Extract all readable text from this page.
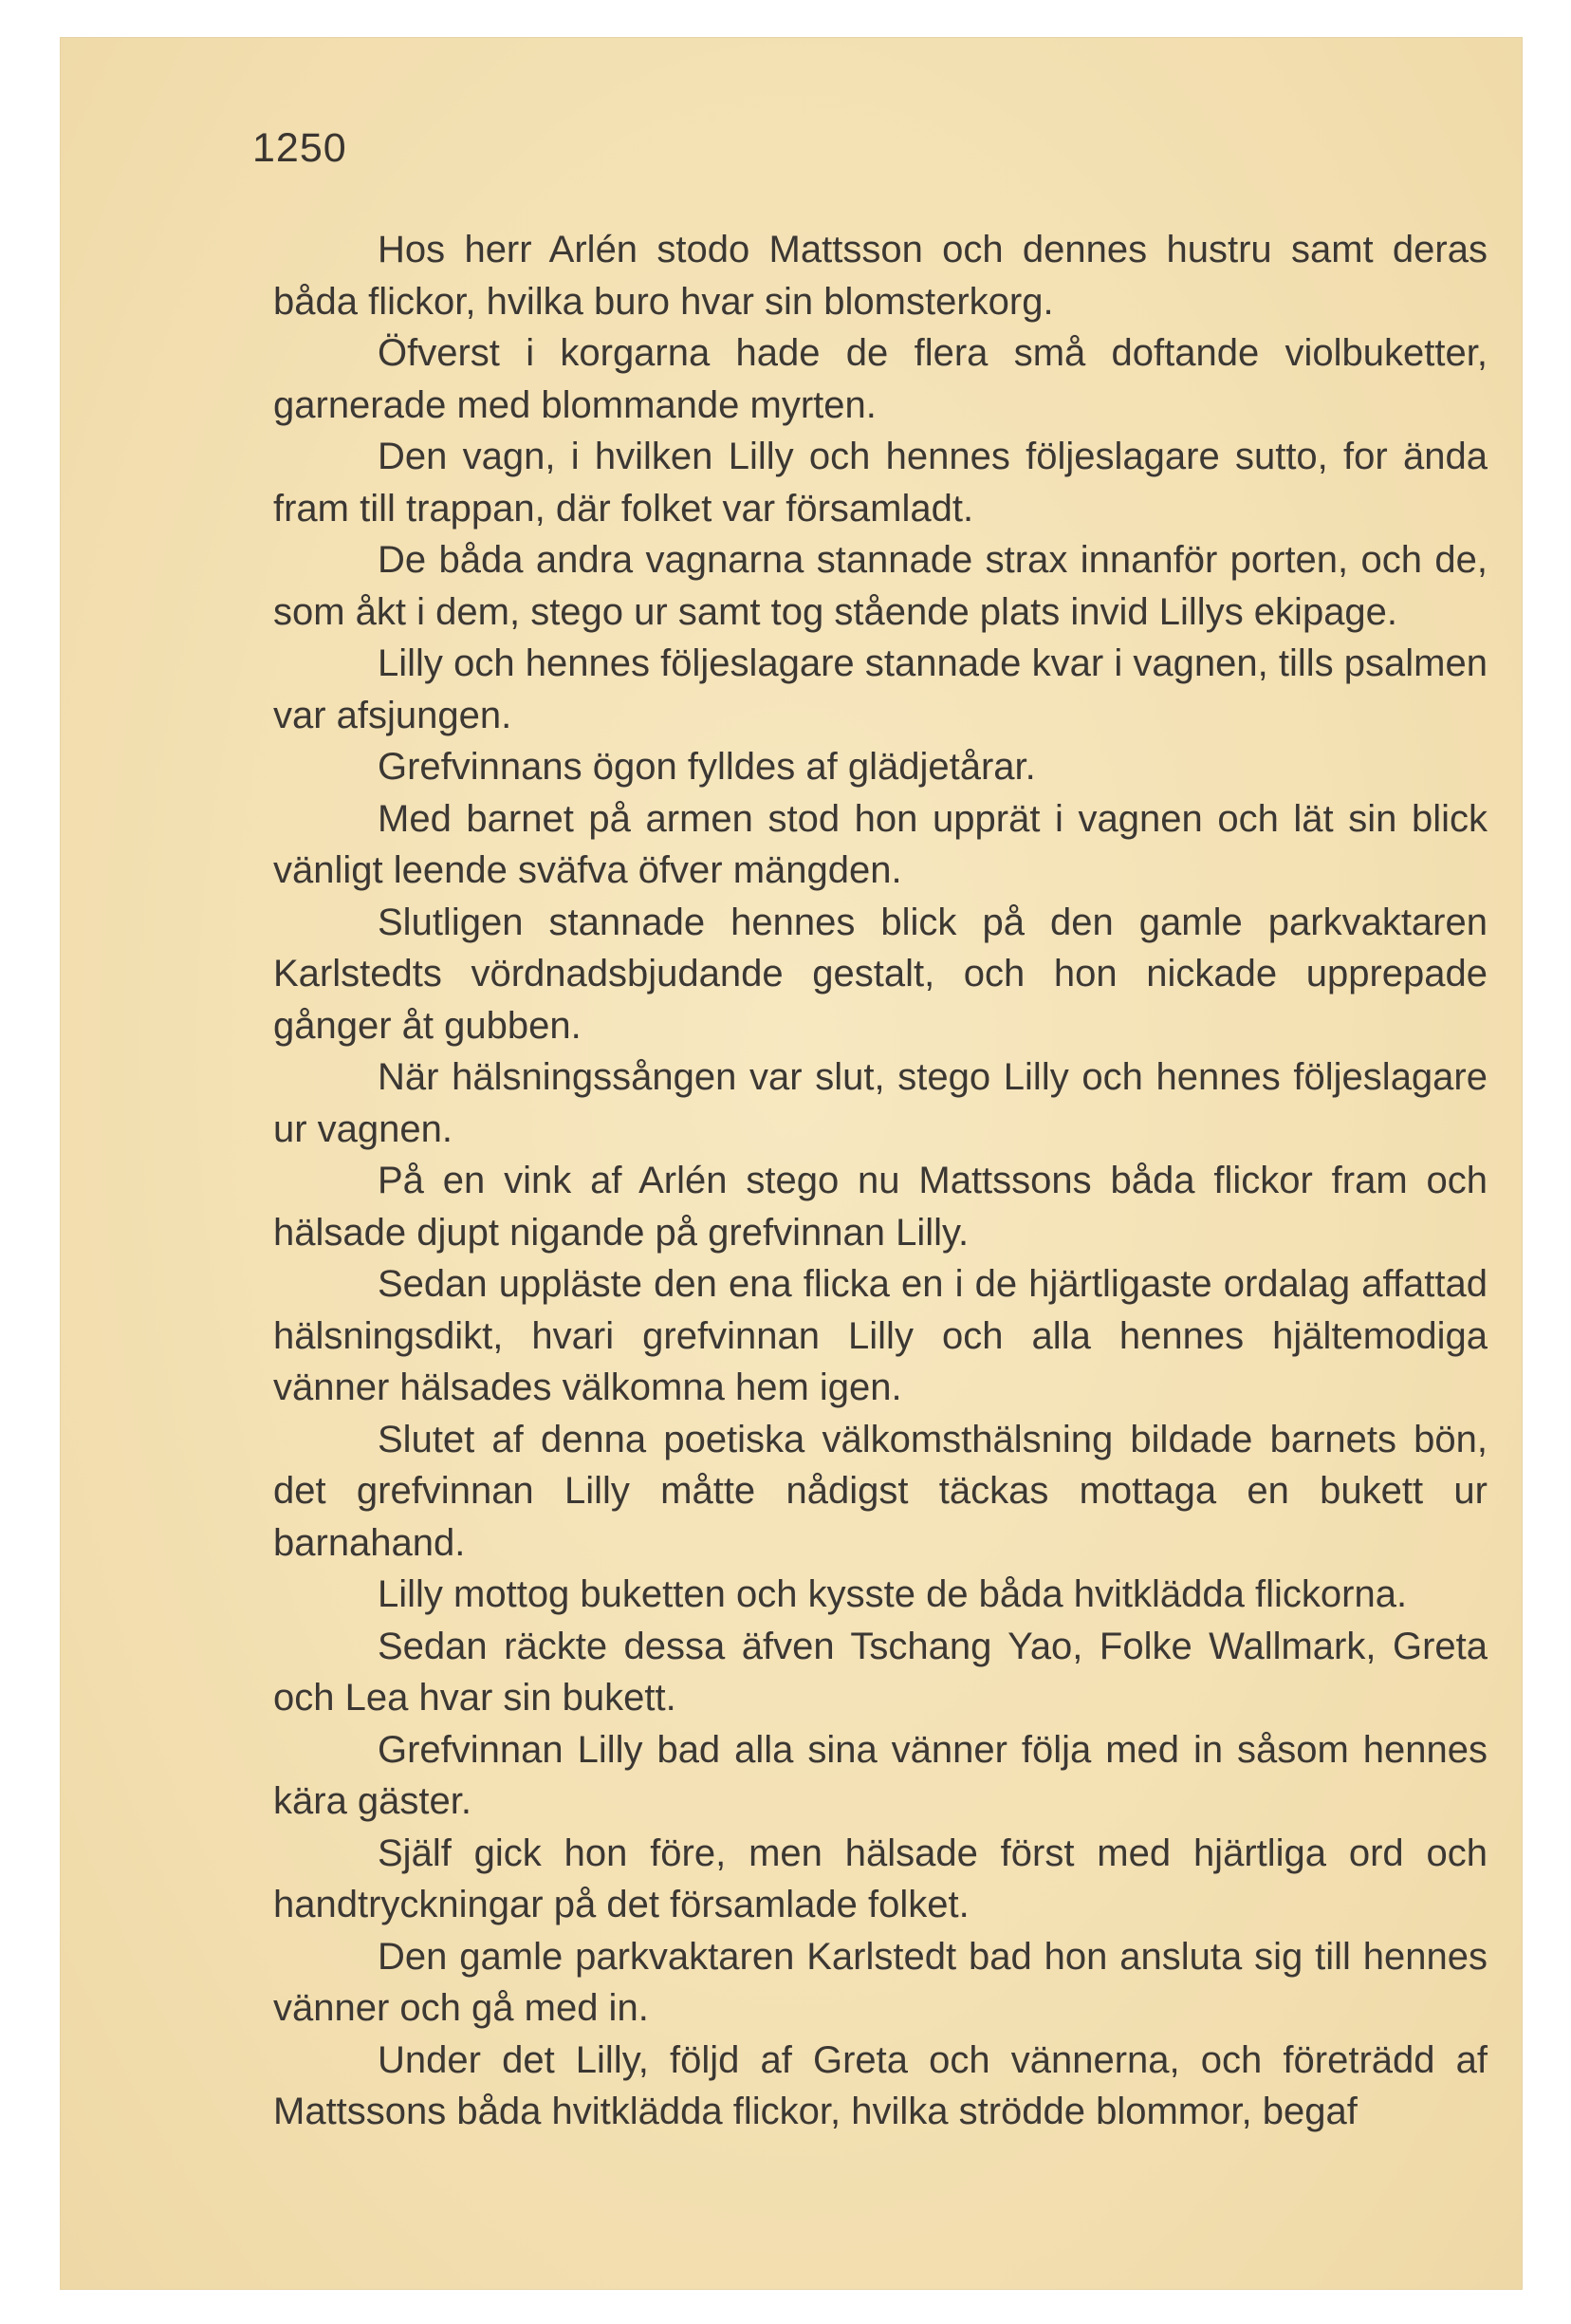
1250

Hos herr Arlén stodo Mattsson och dennes hustru samt deras båda flickor, hvilka buro hvar sin blomsterkorg.

Öfverst i korgarna hade de flera små doftande violbuketter, garnerade med blommande myrten.

Den vagn, i hvilken Lilly och hennes följeslagare sutto, for ända fram till trappan, där folket var församladt.

De båda andra vagnarna stannade strax innanför porten, och de, som åkt i dem, stego ur samt tog stående plats invid Lillys ekipage.

Lilly och hennes följeslagare stannade kvar i vagnen, tills psalmen var afsjungen.

Grefvinnans ögon fylldes af glädjetårar.

Med barnet på armen stod hon upprät i vagnen och lät sin blick vänligt leende sväfva öfver mängden.

Slutligen stannade hennes blick på den gamle parkvaktaren Karlstedts vördnadsbjudande gestalt, och hon nickade upprepade gånger åt gubben.

När hälsningssången var slut, stego Lilly och hennes följeslagare ur vagnen.

På en vink af Arlén stego nu Mattssons båda flickor fram och hälsade djupt nigande på grefvinnan Lilly.

Sedan uppläste den ena flicka en i de hjärtligaste ordalag affattad hälsningsdikt, hvari grefvinnan Lilly och alla hennes hjältemodiga vänner hälsades välkomna hem igen.

Slutet af denna poetiska välkomsthälsning bildade barnets bön, det grefvinnan Lilly måtte nådigst täckas mottaga en bukett ur barnahand.

Lilly mottog buketten och kysste de båda hvitklädda flickorna.

Sedan räckte dessa äfven Tschang Yao, Folke Wallmark, Greta och Lea hvar sin bukett.

Grefvinnan Lilly bad alla sina vänner följa med in såsom hennes kära gäster.

Själf gick hon före, men hälsade först med hjärtliga ord och handtryckningar på det församlade folket.

Den gamle parkvaktaren Karlstedt bad hon ansluta sig till hennes vänner och gå med in.

Under det Lilly, följd af Greta och vännerna, och företrädd af Mattssons båda hvitklädda flickor, hvilka strödde blommor, begaf
